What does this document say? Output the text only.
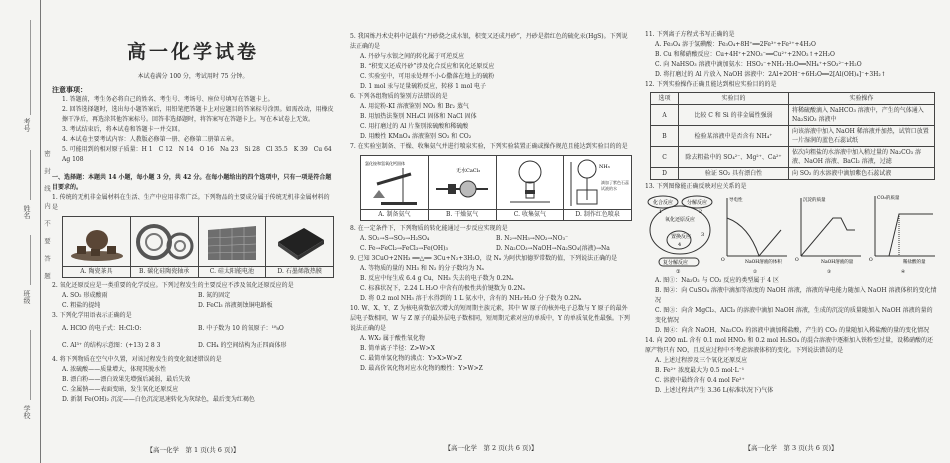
考号
姓名
班级
学校
密封线内不要答题
高一化学试卷
本试卷满分 100 分，考试用时 75 分钟。
注意事项：
1. 答题前，考生务必将自己的姓名、考生号、考场号、座位号填写在答题卡上。
2. 回答选择题时，选出每小题答案后，用铅笔把答题卡上对应题目的答案标号涂黑。如需改动，用橡皮擦干净后，再选涂其他答案标号。回答非选择题时，将答案写在答题卡上。写在本试卷上无效。
3. 考试结束后，将本试卷和答题卡一并交回。
4. 本试卷主要考试内容：人教版必修第一册、必修第二册第五章。
5. 可能用到的相对原子质量：H 1　C 12　N 14　O 16　Na 23　Si 28　Cl 35.5　K 39　Cu 64　Ag 108
一、选择题：本题共 14 小题，每小题 3 分，共 42 分。在每小题给出的四个选项中，只有一项是符合题目要求的。
1. 传统的无机非金属材料在生活、生产中应用非常广泛。下列物品的主要成分属于传统无机非金属材料的是
A. 陶瓷茶具	B. 碳化硅陶瓷轴承	C. 硅太阳能电池	D. 石墨烯散热膜
2. 氧化还原反应是一类重要的化学反应。下列过程发生的主要反应不涉及氧化还原反应的是
A. SO₂ 形成酸雨	B. 氮的固定
C. 粗盐的提纯	D. FeCl₃ 溶液刻蚀铜电路板
3. 下列化学用语表示正确的是
A. HClO 的电子式：H:Cl:O:	B. 中子数为 10 的氧原子：¹⁸₈O
C. Al³⁺ 的结构示意图：(+13) 2 8 3	D. CH₄ 的空间结构为正四面体形
4. 将下列物质在空气中久置，对该过程发生的变化叙述错误的是
A. 浓硫酸——质量增大，体现其脱水性
B. 漂白粉——漂白效果先增强后减弱，最后失效
C. 金属钠——表面变暗，发生氧化还原反应
D. 新制 Fe(OH)₂ 沉淀——白色沉淀迅速转化为灰绿色，最后变为红褐色
【高一化学　第 1 页(共 6 页)】
5. 我国炼丹术史料中记载有“丹砂烧之成水银，积变又还成丹砂”，丹砂是指红色的硫化汞(HgS)。下列说法正确的是
A. 丹砂与水银之间的转化属于可逆反应
B. “积变又还成丹砂”涉及化合反应和氧化还原反应
C. 实验室中，可用汞处理不小心撒落在地上的硫粉
D. 1 mol 汞与足量硫粉反应，转移 1 mol 电子
6. 下列各组物质的鉴别方法错误的是
A. 用淀粉-KI 溶液鉴别 NO₂ 和 Br₂ 蒸气
B. 用加热法鉴别 NH₄Cl 固体和 NaCl 固体
C. 用打磨过的 Al 片鉴别浓硫酸和稀硫酸
D. 用酸性 KMnO₄ 溶液鉴别 SO₂ 和 CO₂
7. 在实验室制备、干燥、收集氨气并进行喷泉实验，下列实验装置正确或操作规范且能达到实验目的的是
氯化铵和氢氧化钙固体
A. 制备氨气
无水CaCl₂
B. 干燥氨气	C. 收集氨气
NH₃
滴加了紫色石蕊试液的水
D. 制作红色喷泉
8. 在一定条件下，下列物质的转化能通过一步反应实现的是
A. SO₂→S→SO₃→H₂SO₄	B. N₂→NH₃→NO₂→NO₃⁻
C. Fe→FeCl₂→FeCl₃→Fe(OH)₃	D. Na₂CO₃→NaOH→Na₂SO₄(溶液)→Na
9. 已知 3CuO+2NH₃ ══△══ 3Cu+N₂+3H₂O，设 Nₐ 为阿伏加德罗常数的值，下列说法正确的是
A. 等物质的量的 NH₃ 和 N₂ 的分子数均为 Nₐ
B. 反应中每生成 6.4 g Cu，NH₃ 失去的电子数为 0.2Nₐ
C. 标准状况下，2.24 L H₂O 中含有的极性共价键数为 0.2Nₐ
D. 将 0.2 mol NH₃ 溶于水得到的 1 L 氨水中，含有的 NH₃·H₂O 分子数为 0.2Nₐ
10. W、X、Y、Z 为核电荷数依次增大的短周期主族元素，其中 W 原子的核外电子总数与 Y 原子的最外层电子数相同，W 与 Z 原子的最外层电子数相同，短周期元素对应的单质中，Y 的单质氧化性最强。下列说法正确的是
A. WX₂ 属于酸性氧化物
B. 简单离子半径：Z>W>X
C. 最简单氢化物的沸点：Y>X>W>Z
D. 最高价氧化物对应水化物的酸性：Y>W>Z
【高一化学　第 2 页(共 6 页)】
11. 下列离子方程式书写正确的是
A. Fe₃O₄ 溶于氢碘酸：Fe₃O₄+8H⁺══2Fe³⁺+Fe²⁺+4H₂O
B. Cu 和稀硝酸反应：Cu+4H⁺+2NO₃⁻══Cu²⁺+2NO₂↑+2H₂O
C. 向 NaHSO₃ 溶液中滴加氨水：HSO₃⁻+NH₃·H₂O══NH₄⁺+SO₃²⁻+H₂O
D. 将打磨过的 Al 片放入 NaOH 溶液中：2Al+2OH⁻+6H₂O══2[Al(OH)₄]⁻+3H₂↑
12. 下列实验操作正确且能达到相应实验目的的是
选项	实验目的	实验操作
A	比较 C 和 Si 的非金属性强弱	将稀硫酸滴入 NaHCO₃ 溶液中，产生的气体通入 Na₂SiO₃ 溶液中
B	检验某溶液中是否含有 NH₄⁺	向该溶液中加入 NaOH 稀溶液并加热，试管口放置一片湿润的蓝色石蕊试纸
C	除去粗盐中的 SO₄²⁻、Mg²⁺、Ca²⁺	依次向粗盐的水溶液中加入稍过量的 Na₂CO₃ 溶液、NaOH 溶液、BaCl₂ 溶液，过滤
D	验证 SO₂ 具有漂白性	向 SO₂ 的水溶液中滴加紫色石蕊试液
13. 下列图像能正确反映对应关系的是
化合反应	分解反应
氧化还原反应
置换反应
1	2
3
4
复分解反应
①
导电性
O	NaOH溶液的体积
②
沉淀的质量
O	NaOH溶液的量
③
CO₂的质量
O	稀盐酸的量
④
A. 图①：Na₂O₂ 与 CO₂ 反应的类型属于 4 区
B. 图②：向 CuSO₄ 溶液中滴加等浓度的 NaOH 溶液，溶液的导电能力随加入 NaOH 溶液体积的变化情况
C. 图③：向含 MgCl₂、AlCl₃ 的溶液中滴加 NaOH 溶液，生成的沉淀的质量随加入 NaOH 溶液的量的变化情况
D. 图④：向含 NaOH、Na₂CO₃ 的溶液中滴加稀盐酸，产生的 CO₂ 的量随加入稀盐酸的量的变化情况
14. 向 200 mL 含有 0.1 mol HNO₃ 和 0.2 mol H₂SO₄ 的混合溶液中逐渐加入铁粉至过量，设稀硝酸的还原产物只有 NO，且反应过程中不考虑溶液体积的变化。下列说法错误的是
A. 上述过程涉及三个氧化还原反应
B. Fe²⁺ 浓度最大为 0.5 mol·L⁻¹
C. 溶液中最终含有 0.4 mol Fe²⁺
D. 上述过程共产生 3.36 L(标准状况下)气体
【高一化学　第 3 页(共 6 页)】
